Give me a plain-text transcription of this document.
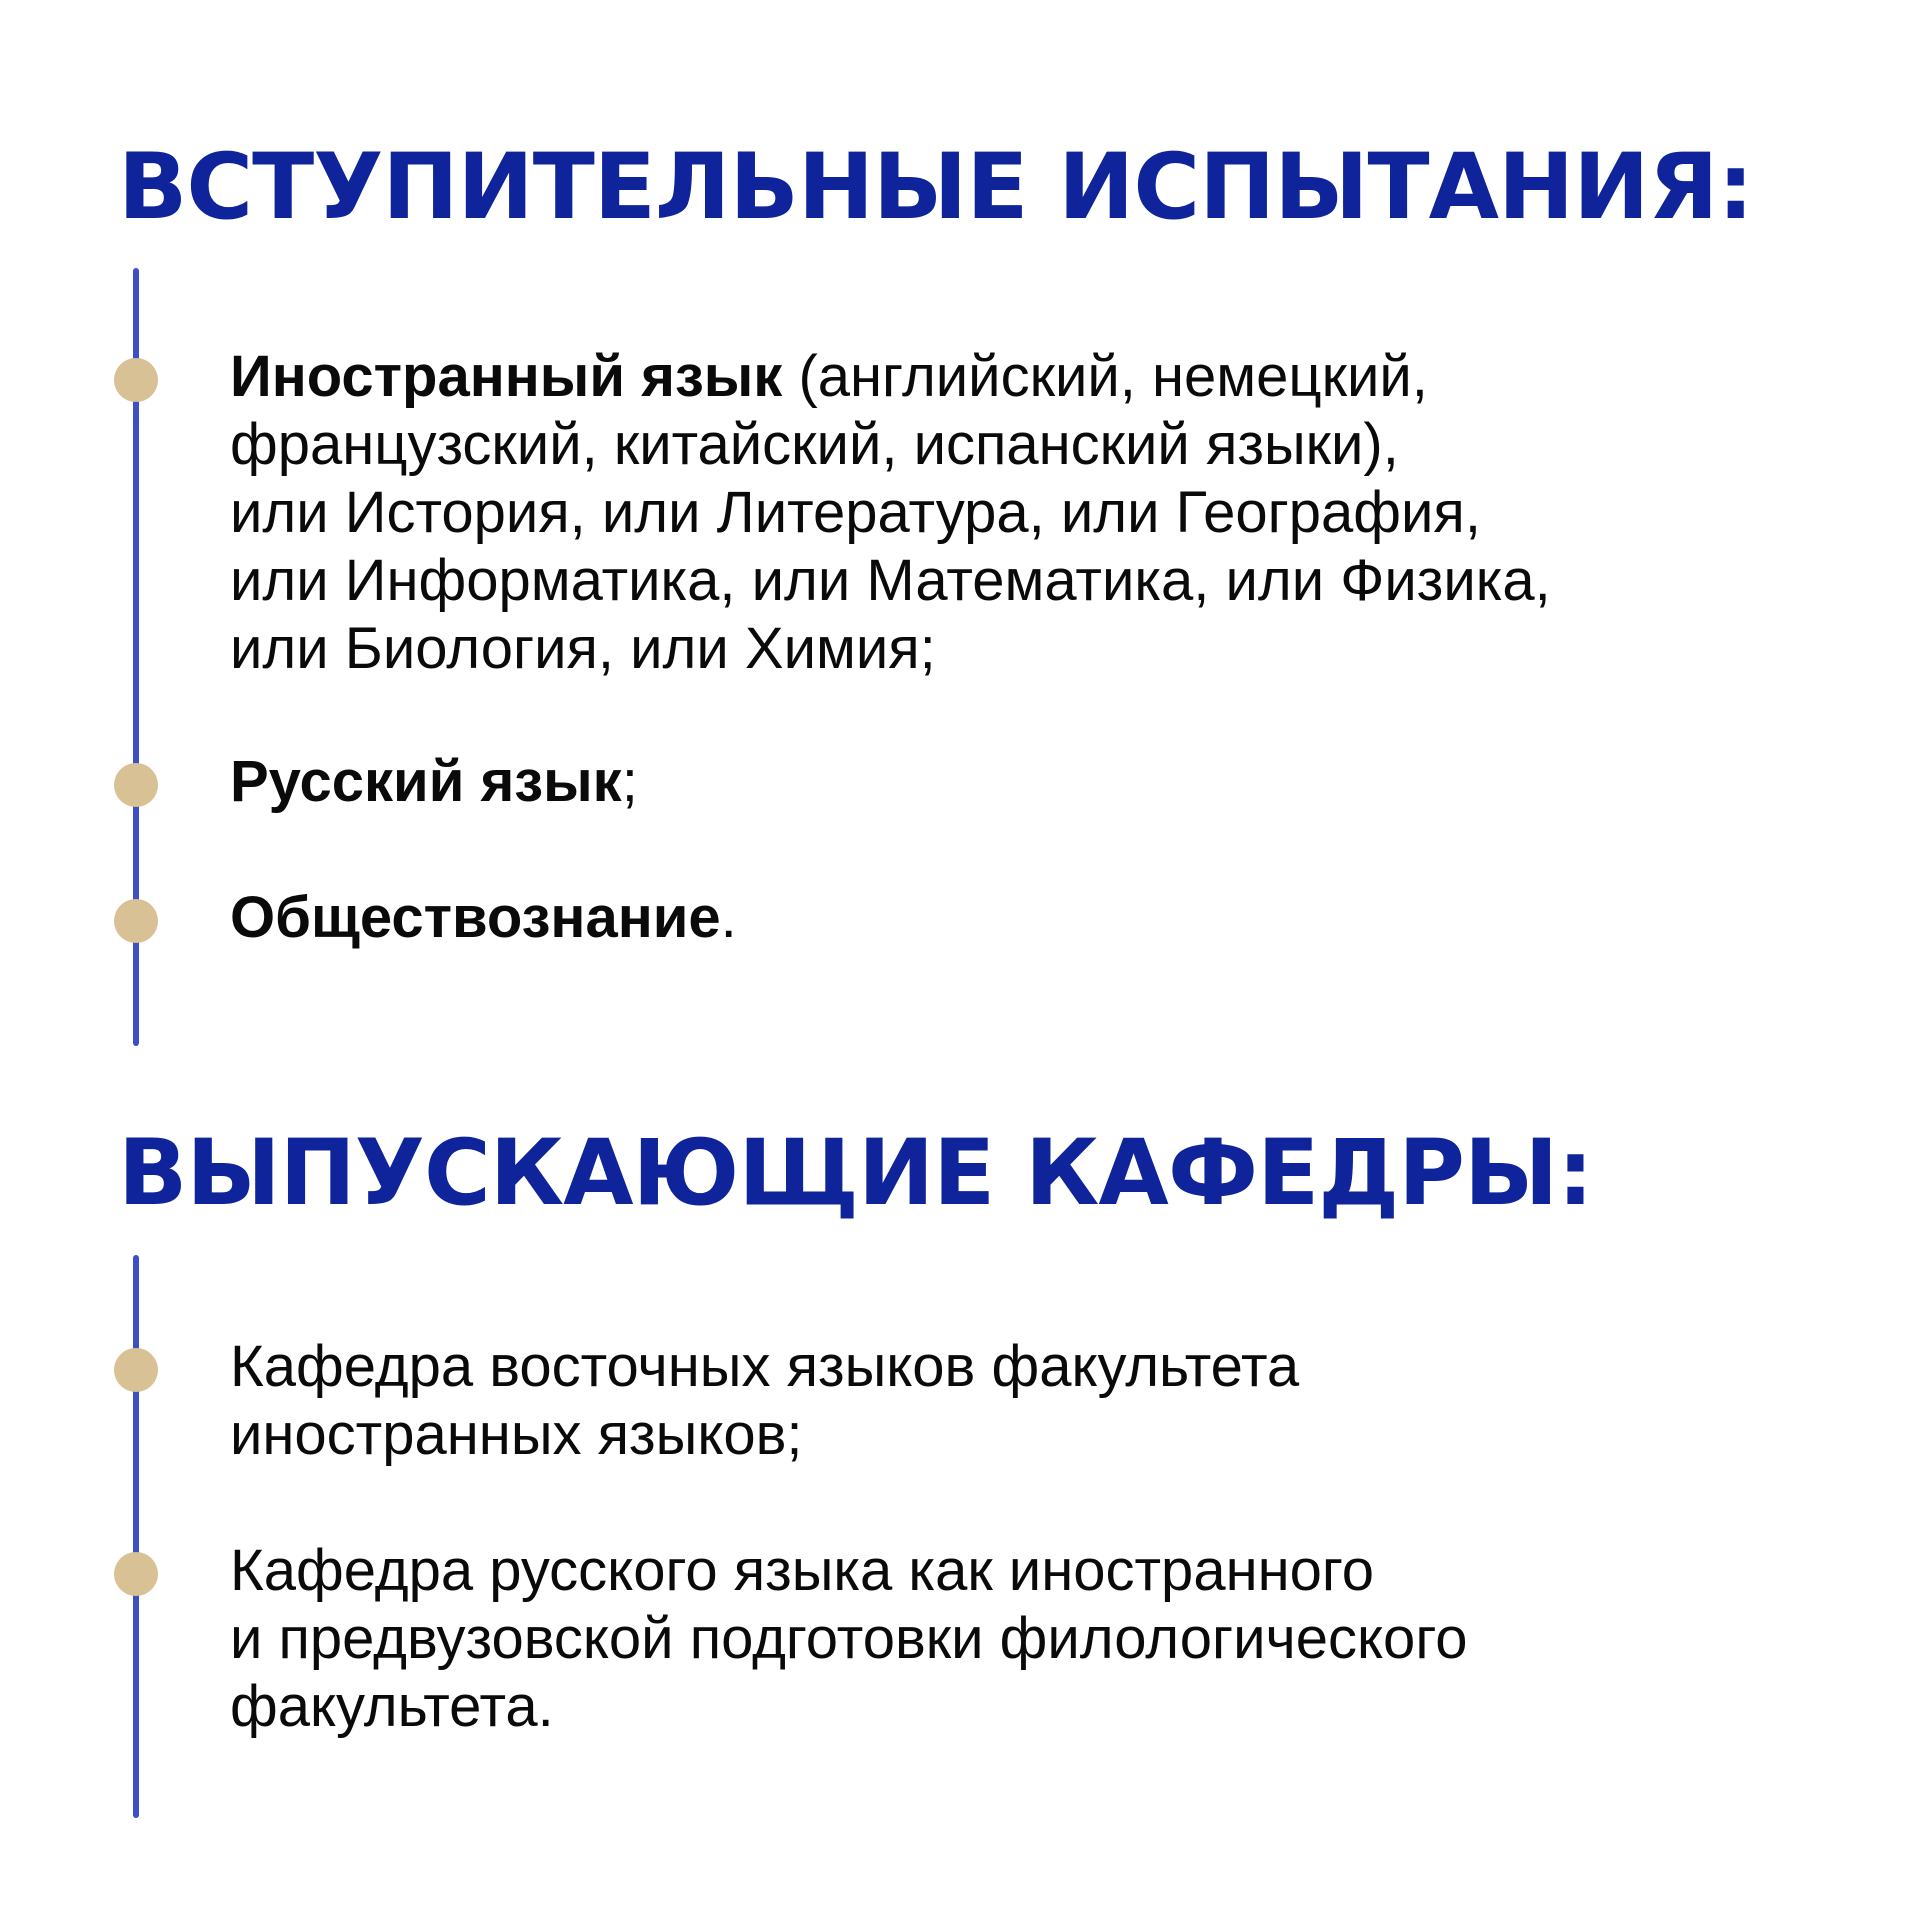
ВСТУПИТЕЛЬНЫЕ ИСПЫТАНИЯ:

Иностранный язык (английский, немецкий,
французский, китайский, испанский языки),
или История, или Литература, или География,
или Информатика, или Математика, или Физика,
или Биология, или Химия;

Русский язык;

Обществознание.

ВЫПУСКАЮЩИЕ КАФЕДРЫ:

Кафедра восточных языков факультета
иностранных языков;

Кафедра русского языка как иностранного
и предвузовской подготовки филологического
факультета.
